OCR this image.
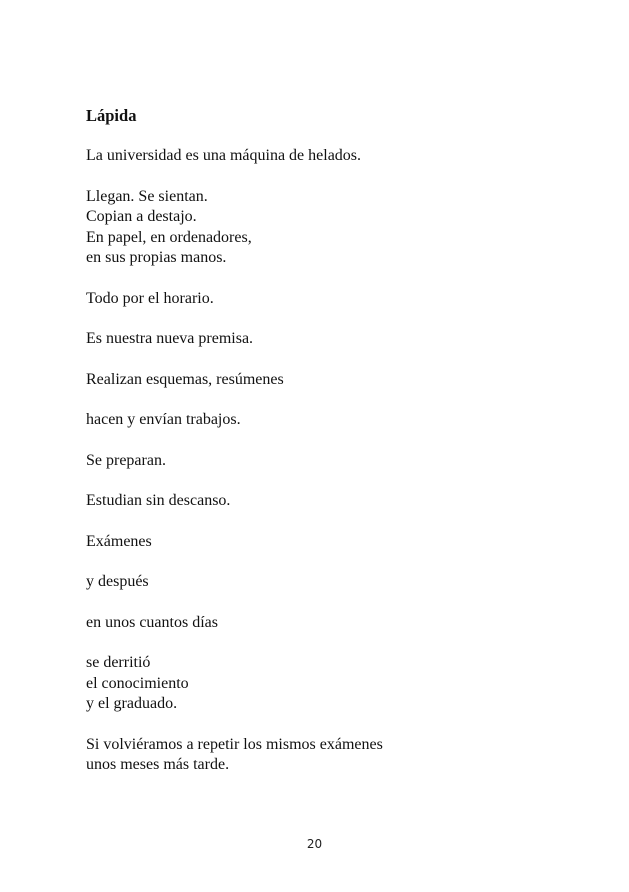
Lápida
La universidad es una máquina de helados.
Llegan. Se sientan.
Copian a destajo.
En papel, en ordenadores,
en sus propias manos.
Todo por el horario.
Es nuestra nueva premisa.
Realizan esquemas, resúmenes
hacen y envían trabajos.
Se preparan.
Estudian sin descanso.
Exámenes
y después
en unos cuantos días
se derritió
el conocimiento
y el graduado.
Si volviéramos a repetir los mismos exámenes
unos meses más tarde.
20
